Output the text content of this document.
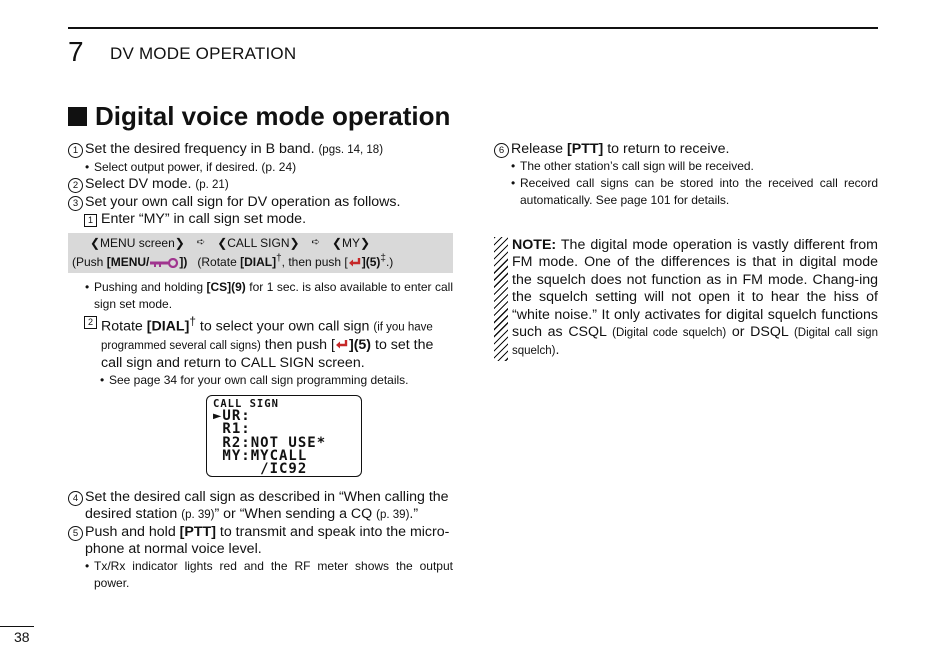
7 DV MODE OPERATION
Digital voice mode operation
1 Set the desired frequency in B band. (pgs. 14, 18)
• Select output power, if desired. (p. 24)
2 Select DV mode. (p. 21)
3 Set your own call sign for DV operation as follows.
1 Enter “MY” in call sign set mode.
❮MENU screen❯ ➪ ❮CALL SIGN❯ ➪ ❮MY❯
(Push [MENU/	]) (Rotate [DIAL]†, then push [ ](5)‡.)
• Pushing and holding [CS](9) for 1 sec. is also available to enter call sign set mode.
2 Rotate [DIAL]† to select your own call sign (if you have programmed several call signs) then push [ ](5) to set the call sign and return to CALL SIGN screen.
• See page 34 for your own call sign programming details.
CALL SIGN
►UR:
R1:
R2:NOT USE*
MY:MYCALL
/IC92
4 Set the desired call sign as described in “When calling the desired station (p. 39)” or “When sending a CQ (p. 39).”
5 Push and hold [PTT] to transmit and speak into the micro-phone at normal voice level.
• Tx/Rx indicator lights red and the RF meter shows the output power.
6 Release [PTT] to return to receive.
• The other station’s call sign will be received.
• Received call signs can be stored into the received call record automatically. See page 101 for details.
NOTE: The digital mode operation is vastly different from FM mode. One of the differences is that in digital mode the squelch does not function as in FM mode. Chang-ing the squelch setting will not open it to hear the hiss of “white noise.” It only activates for digital squelch functions such as CSQL (Digital code squelch) or DSQL (Digital call sign squelch).
38
